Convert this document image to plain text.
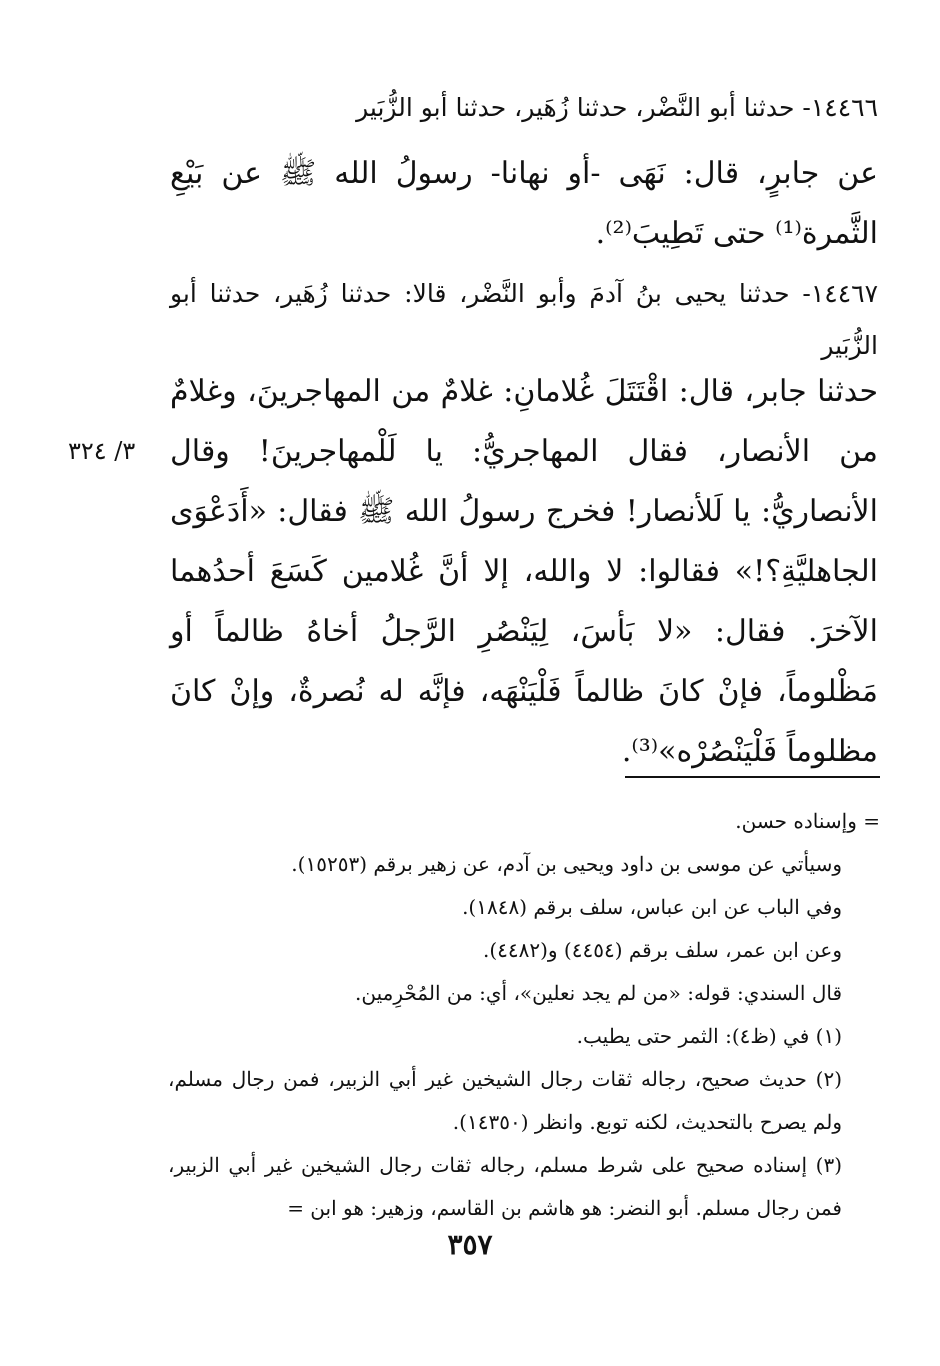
١٤٤٦٦- حدثنا أبو النَّضْر، حدثنا زُهَير، حدثنا أبو الزُّبَير
عن جابرٍ، قال: نَهَى -أو نهانا- رسولُ الله ﷺ عن بَيْعِ الثَّمرة⁽¹⁾ حتى تَطِيبَ⁽²⁾.
١٤٤٦٧- حدثنا يحيى بنُ آدمَ وأبو النَّضْر، قالا: حدثنا زُهَير، حدثنا أبو الزُّبَير
حدثنا جابر، قال: اقْتَتَلَ غُلامانِ: غلامٌ من المهاجرينَ، وغلامٌ من الأنصار، فقال المهاجريُّ: يا لَلْمهاجرينَ! وقال الأنصاريُّ: يا لَلأنصار! فخرج رسولُ الله ﷺ فقال: «أَدَعْوَى الجاهليَّةِ؟!» فقالوا: لا والله، إلا أنَّ غُلامين كَسَعَ أحدُهما الآخرَ. فقال: «لا بَأسَ، لِيَنْصُرِ الرَّجلُ أخاهُ ظالماً أو مَظْلوماً، فإنْ كانَ ظالماً فَلْيَنْهَه، فإنَّه له نُصرةٌ، وإنْ كانَ مظلوماً فَلْيَنْصُرْه»⁽³⁾.
٣/ ٣٢٤

= وإسناده حسن.

وسيأتي عن موسى بن داود ويحيى بن آدم، عن زهير برقم (١٥٢٥٣).

وفي الباب عن ابن عباس، سلف برقم (١٨٤٨).

وعن ابن عمر، سلف برقم (٤٤٥٤) و(٤٤٨٢).

قال السندي: قوله: «من لم يجد نعلين»، أي: من المُحْرِمين.

(١) في (ظ٤): الثمر حتى يطيب.

(٢) حديث صحيح، رجاله ثقات رجال الشيخين غير أبي الزبير، فمن رجال مسلم، ولم يصرح بالتحديث، لكنه توبع. وانظر (١٤٣٥٠).

(٣) إسناده صحيح على شرط مسلم، رجاله ثقات رجال الشيخين غير أبي الزبير، فمن رجال مسلم. أبو النضر: هو هاشم بن القاسم، وزهير: هو ابن =

٣٥٧
